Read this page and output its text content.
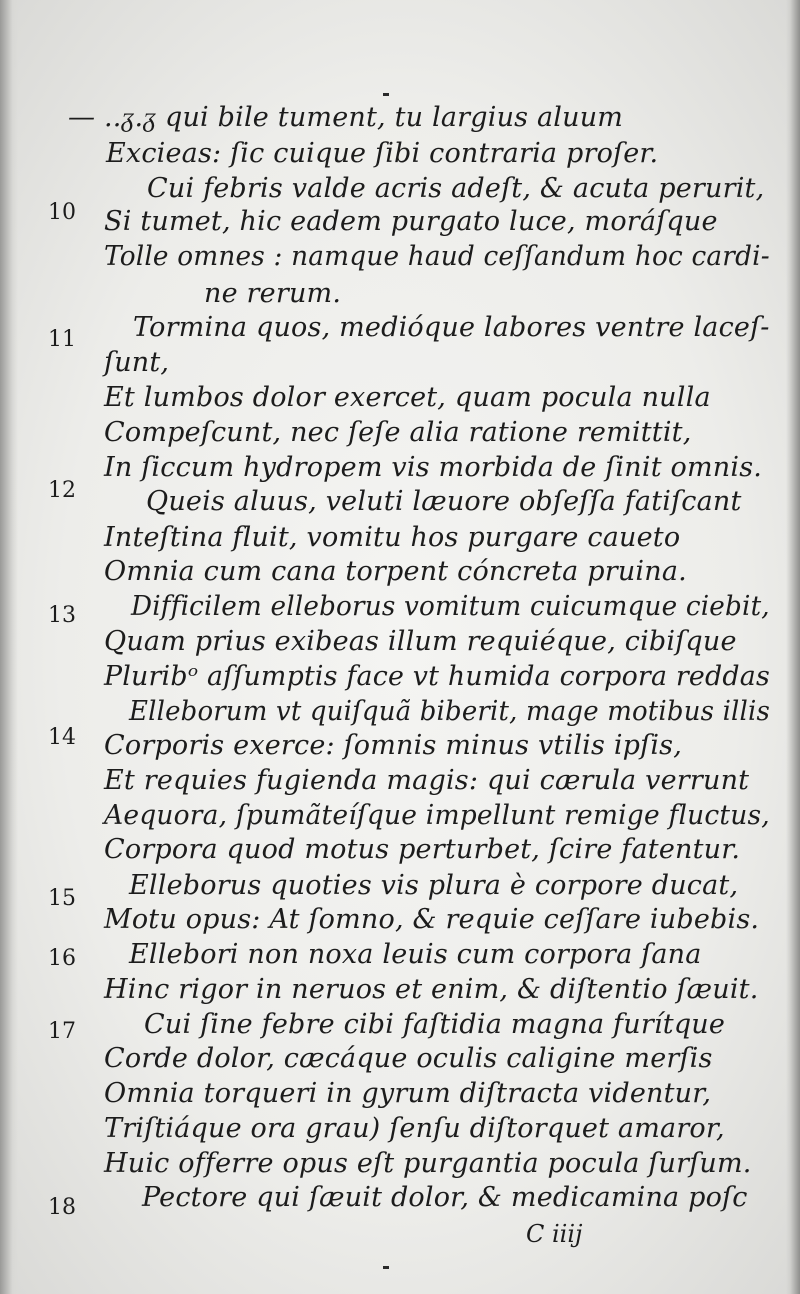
— ..ᵹ.ᵹ qui bile tument, tu largius aluum
Excieas: ſic cuique ſibi contraria proſer.
Cui febris valde acris adeſt, & acuta perurit,
Si tumet, hic eadem purgato luce, moráſque
Tolle omnes : namque haud ceſſandum hoc cardi-
ne rerum.
Tormina quos, medióque labores ventre laceſ-
ſunt,
Et lumbos dolor exercet, quam pocula nulla
Compeſcunt, nec ſeſe alia ratione remittit,
In ſiccum hydropem vis morbida de ſinit omnis.
Queis aluus, veluti læuore obſeſſa fatiſcant
Inteſtina fluit, vomitu hos purgare caueto
Omnia cum cana torpent cóncreta pruina.
Difficilem elleborus vomitum cuicumque ciebit,
Quam prius exibeas illum requiéque, cibiſque
Pluribᵒ aſſumptis face vt humida corpora reddas
Elleborum vt quiſquã biberit, mage motibus illis
Corporis exerce: ſomnis minus vtilis ipſis,
Et requies fugienda magis: qui cærula verrunt
Aequora, ſpumãteíſque impellunt remige fluctus,
Corpora quod motus perturbet, ſcire fatentur.
Elleborus quoties vis plura è corpore ducat,
Motu opus: At ſomno, & requie ceſſare iubebis.
Ellebori non noxa leuis cum corpora ſana
Hinc rigor in neruos et enim, & diſtentio ſæuit.
Cui ſine febre cibi faſtidia magna furítque
Corde dolor, cæcáque oculis caligine merſis
Omnia torqueri in gyrum diſtracta videntur,
Triſtiáque ora grau) ſenſu diſtorquet amaror,
Huic offerre opus eſt purgantia pocula ſurſum.
Pectore qui ſæuit dolor, & medicamina poſc
10
11
12
13
14
15
16
17
18
C iiij
